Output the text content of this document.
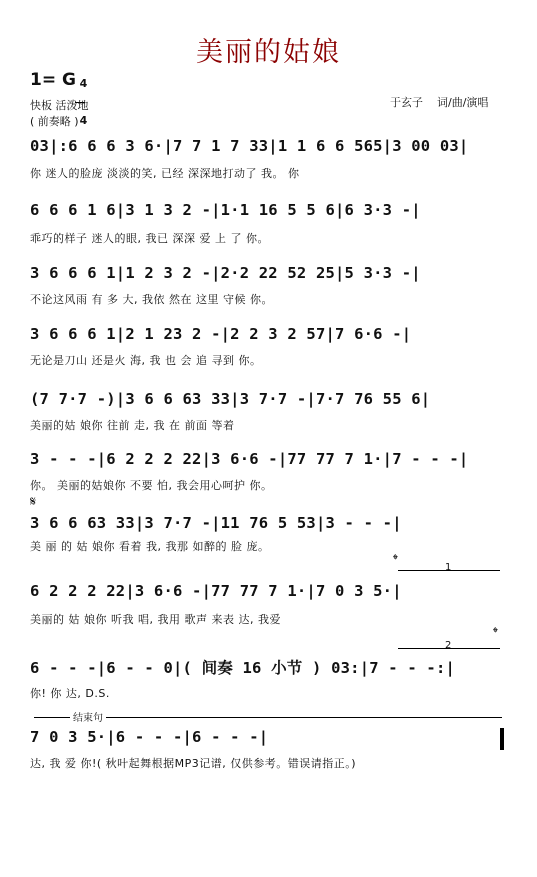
美丽的姑娘
1= G 4

4

快板 活泼地
( 前奏略 )
于玄子    词/曲/演唱
03|:6 6 6 3 6·|7 7 1 7 33|1 1 6 6 565|3 00 03|
你 迷人的脸庞 淡淡的笑, 已经 深深地打动了 我。 你
6 6 6 1 6|3 1 3 2 -|1·1 16 5 5 6|6 3·3 -|
乖巧的样子 迷人的眼, 我已 深深 爱 上 了 你。
3 6 6 6 1|1 2 3 2 -|2·2 22 52 25|5 3·3 -|
不论这风雨 有 多 大, 我依 然在 这里 守候 你。
3 6 6 6 1|2 1 23 2 -|2 2 3 2 57|7 6·6 -|
无论是刀山 还是火 海, 我 也 会 追 寻到 你。
(7 7·7 -)|3 6 6 63 33|3 7·7 -|7·7 76 55 6|
美丽的姑 娘你 往前 走, 我 在 前面 等着
3 - - -|6 2 2 2 22|3 6·6 -|77 77 7 1·|7 - - -|
你。 美丽的姑娘你 不要 怕, 我会用心呵护 你。
𝄋
3 6 6 63 33|3 7·7 -|11 76 5 53|3 - - -|
美 丽 的 姑 娘你 看着 我, 我那 如醉的 脸 庞。
𝄌	1
6 2 2 2 22|3 6·6 -|77 77 7 1·|7 0 3 5·|
美丽的 姑 娘你 听我 唱, 我用 歌声 来表 达, 我爱
𝄌
2
6 - - -|6 - - 0|( 间奏 16 小节 ) 03:|7 - - -:|
你! 你 达, D.S.
结束句
7 0 3 5·|6 - - -|6 - - -|
达, 我 爱 你!( 秋叶起舞根据MP3记谱, 仅供参考。错误请指正。)
